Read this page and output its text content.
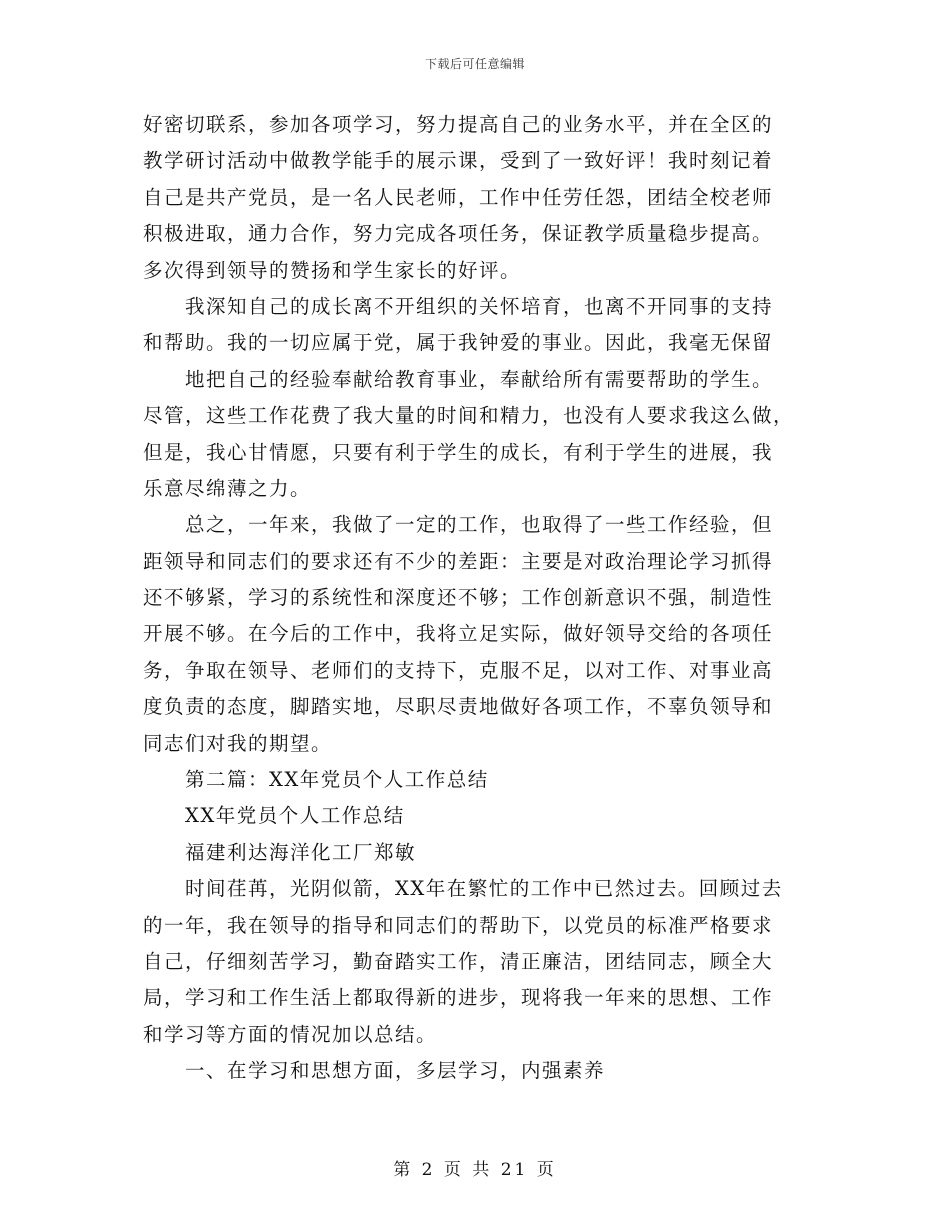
下载后可任意编辑
好密切联系，参加各项学习，努力提高自己的业务水平，并在全区的
教学研讨活动中做教学能手的展示课，受到了一致好评！我时刻记着
自己是共产党员，是一名人民老师，工作中任劳任怨，团结全校老师
积极进取，通力合作，努力完成各项任务，保证教学质量稳步提高。
多次得到领导的赞扬和学生家长的好评。
我深知自己的成长离不开组织的关怀培育，也离不开同事的支持
和帮助。我的一切应属于党，属于我钟爱的事业。因此，我毫无保留
地把自己的经验奉献给教育事业，奉献给所有需要帮助的学生。
尽管，这些工作花费了我大量的时间和精力，也没有人要求我这么做，
但是，我心甘情愿，只要有利于学生的成长，有利于学生的进展，我
乐意尽绵薄之力。
总之，一年来，我做了一定的工作，也取得了一些工作经验，但
距领导和同志们的要求还有不少的差距：主要是对政治理论学习抓得
还不够紧，学习的系统性和深度还不够；工作创新意识不强，制造性
开展不够。在今后的工作中，我将立足实际，做好领导交给的各项任
务，争取在领导、老师们的支持下，克服不足，以对工作、对事业高
度负责的态度，脚踏实地，尽职尽责地做好各项工作，不辜负领导和
同志们对我的期望。
第二篇：XX年党员个人工作总结
XX年党员个人工作总结
福建利达海洋化工厂郑敏
时间荏苒，光阴似箭，XX年在繁忙的工作中已然过去。回顾过去
的一年，我在领导的指导和同志们的帮助下，以党员的标准严格要求
自己，仔细刻苦学习，勤奋踏实工作，清正廉洁，团结同志，顾全大
局，学习和工作生活上都取得新的进步，现将我一年来的思想、工作
和学习等方面的情况加以总结。
一、在学习和思想方面，多层学习，内强素养
第 2 页 共 21 页
